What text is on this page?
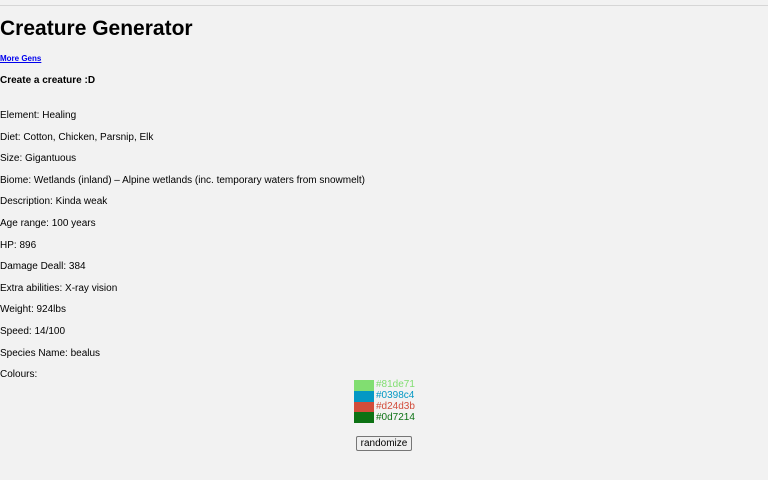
Creature Generator
More Gens
Create a creature :D
Element: Healing
Diet: Cotton, Chicken, Parsnip, Elk
Size: Gigantuous
Biome: Wetlands (inland) – Alpine wetlands (inc. temporary waters from snowmelt)
Description: Kinda weak
Age range: 100 years
HP: 896
Damage Deall: 384
Extra abilities: X-ray vision
Weight: 924lbs
Speed: 14/100
Species Name: bealus
Colours:
#81de71
#0398c4
#d24d3b
#0d7214
randomize
